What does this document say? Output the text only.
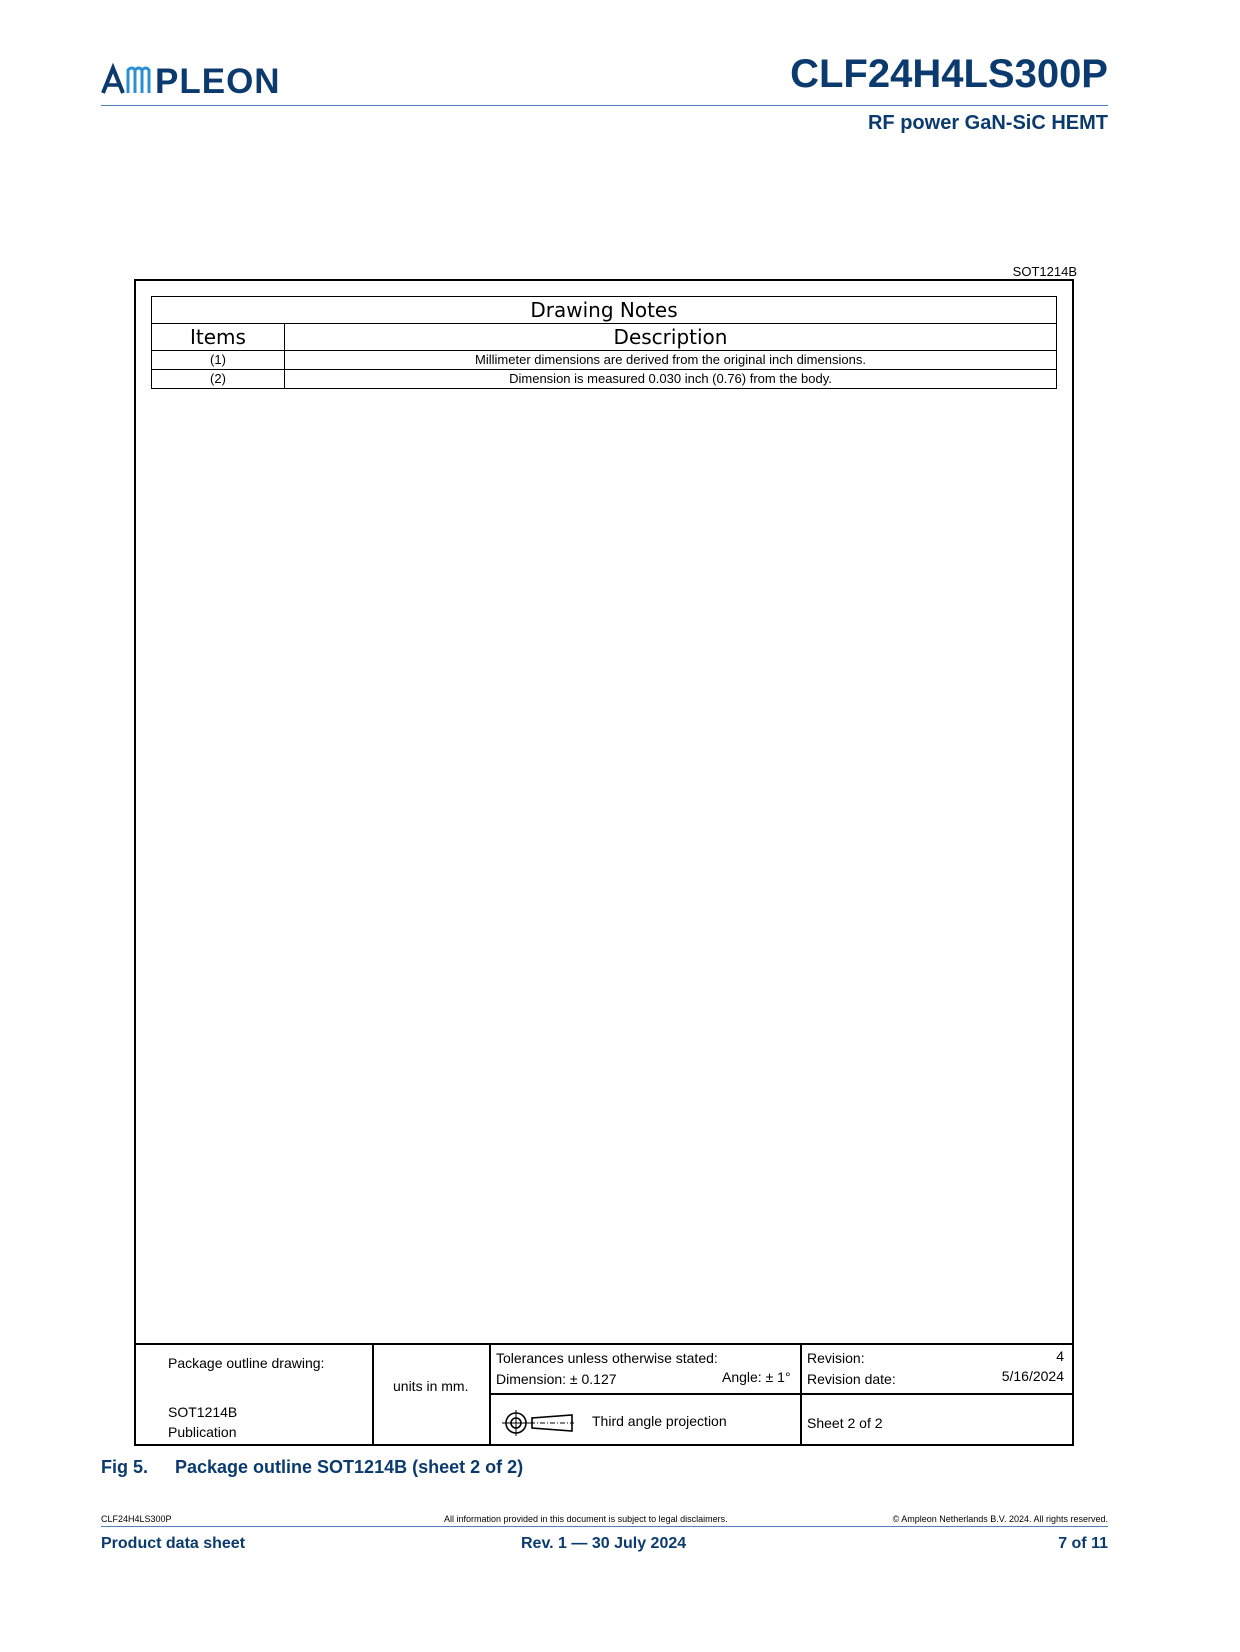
PLEON	CLF24H4LS300P
RF power GaN-SiC HEMT
SOT1214B
Drawing Notes	
Items	Description
(1)	Millimeter dimensions are derived from the original inch dimensions.
(2)	Dimension is measured 0.030 inch (0.76) from the body.
Package outline drawing:
SOT1214B
Publication
units in mm.
Tolerances unless otherwise stated:
Dimension: ± 0.127	Angle: ± 1°
Third angle projection
Revision:	4
Revision date:	5/16/2024
Sheet 2 of 2
Fig 5. Package outline SOT1214B (sheet 2 of 2)
CLF24H4LS300P	All information provided in this document is subject to legal disclaimers.	© Ampleon Netherlands B.V. 2024. All rights reserved.
Product data sheet	Rev. 1 — 30 July 2024	7 of 11
